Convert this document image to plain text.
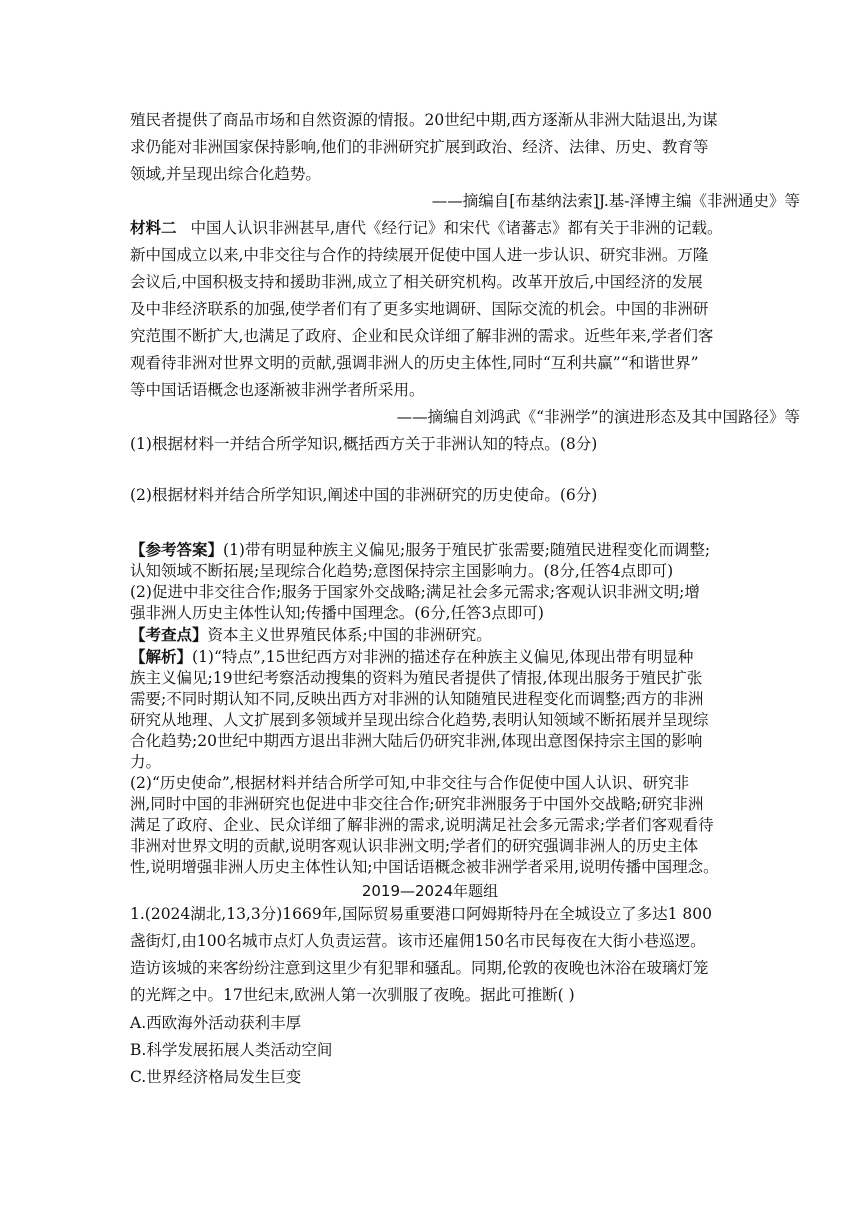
殖民者提供了商品市场和自然资源的情报。20世纪中期,西方逐渐从非洲大陆退出,为谋
求仍能对非洲国家保持影响,他们的非洲研究扩展到政治、经济、法律、历史、教育等
领域,并呈现出综合化趋势。
——摘编自[布基纳法索]J.基-泽博主编《非洲通史》等
材料二 中国人认识非洲甚早,唐代《经行记》和宋代《诸蕃志》都有关于非洲的记载。
新中国成立以来,中非交往与合作的持续展开促使中国人进一步认识、研究非洲。万隆
会议后,中国积极支持和援助非洲,成立了相关研究机构。改革开放后,中国经济的发展
及中非经济联系的加强,使学者们有了更多实地调研、国际交流的机会。中国的非洲研
究范围不断扩大,也满足了政府、企业和民众详细了解非洲的需求。近些年来,学者们客
观看待非洲对世界文明的贡献,强调非洲人的历史主体性,同时“互利共赢”“和谐世界”
等中国话语概念也逐渐被非洲学者所采用。
——摘编自刘鸿武《“非洲学”的演进形态及其中国路径》等
(1)根据材料一并结合所学知识,概括西方关于非洲认知的特点。(8分)
(2)根据材料并结合所学知识,阐述中国的非洲研究的历史使命。(6分)
【参考答案】(1)带有明显种族主义偏见;服务于殖民扩张需要;随殖民进程变化而调整;
认知领域不断拓展;呈现综合化趋势;意图保持宗主国影响力。(8分,任答4点即可)
(2)促进中非交往合作;服务于国家外交战略;满足社会多元需求;客观认识非洲文明;增
强非洲人历史主体性认知;传播中国理念。(6分,任答3点即可)
【考查点】资本主义世界殖民体系;中国的非洲研究。
【解析】(1)“特点”,15世纪西方对非洲的描述存在种族主义偏见,体现出带有明显种
族主义偏见;19世纪考察活动搜集的资料为殖民者提供了情报,体现出服务于殖民扩张
需要;不同时期认知不同,反映出西方对非洲的认知随殖民进程变化而调整;西方的非洲
研究从地理、人文扩展到多领域并呈现出综合化趋势,表明认知领域不断拓展并呈现综
合化趋势;20世纪中期西方退出非洲大陆后仍研究非洲,体现出意图保持宗主国的影响
力。
(2)“历史使命”,根据材料并结合所学可知,中非交往与合作促使中国人认识、研究非
洲,同时中国的非洲研究也促进中非交往合作;研究非洲服务于中国外交战略;研究非洲
满足了政府、企业、民众详细了解非洲的需求,说明满足社会多元需求;学者们客观看待
非洲对世界文明的贡献,说明客观认识非洲文明;学者们的研究强调非洲人的历史主体
性,说明增强非洲人历史主体性认知;中国话语概念被非洲学者采用,说明传播中国理念。
2019—2024年题组
1.(2024湖北,13,3分)1669年,国际贸易重要港口阿姆斯特丹在全城设立了多达1 800
盏街灯,由100名城市点灯人负责运营。该市还雇佣150名市民每夜在大街小巷巡逻。
造访该城的来客纷纷注意到这里少有犯罪和骚乱。同期,伦敦的夜晚也沐浴在玻璃灯笼
的光辉之中。17世纪末,欧洲人第一次驯服了夜晚。据此可推断( )
A.西欧海外活动获利丰厚
B.科学发展拓展人类活动空间
C.世界经济格局发生巨变
